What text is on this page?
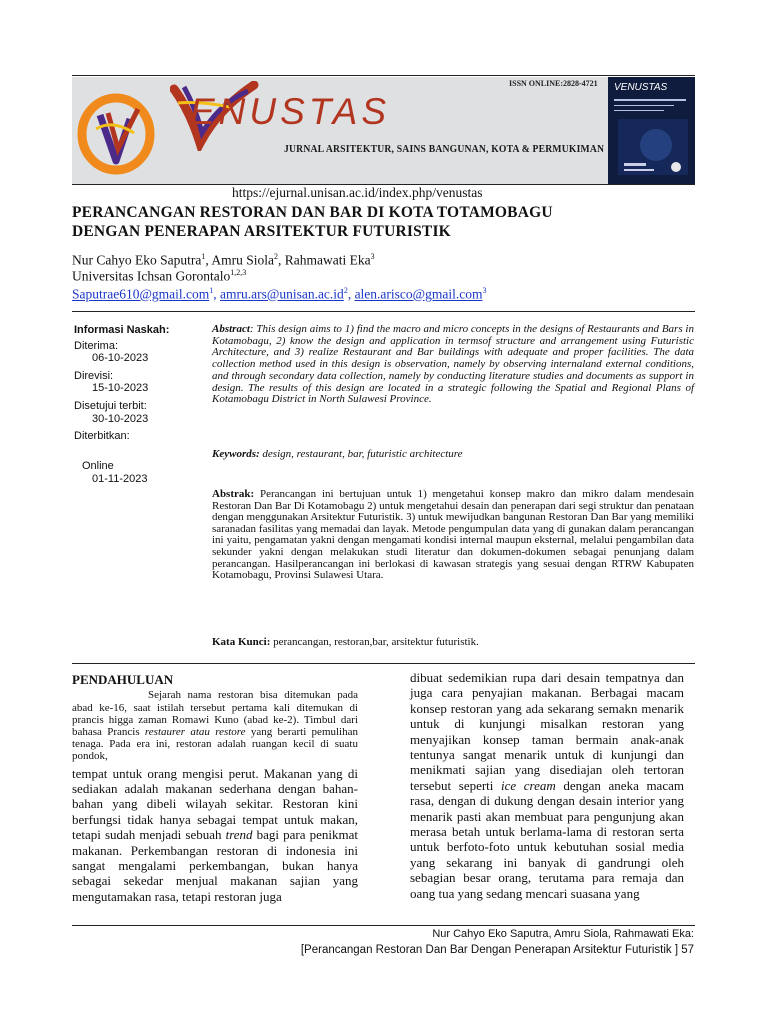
ENUSTAS
JURNAL ARSITEKTUR, SAINS BANGUNAN, KOTA & PERMUKIMAN
ISSN ONLINE:2828-4721 VENUSTAS
https://ejurnal.unisan.ac.id/index.php/venustas
PERANCANGAN RESTORAN DAN BAR DI KOTA TOTAMOBAGU
DENGAN PENERAPAN ARSITEKTUR FUTURISTIK
Nur Cahyo Eko Saputra$^1$, Amru Siola$^2$, Rahmawati Eka$^3$
Universitas Ichsan Gorontalo$^{1,2,3}$
Saputrae610@gmail.com$^1$, $amru.ars@unisan.ac.id^2$, alen.arisco@gmail.com$^3$
Informasi Naskah:
Diterima:
06-10-2023
Direvisi:
15-10-2023
Disetujui terbit:
30-10-2023
Diterbitkan:
Online
01-11-2023
Abstract: This design aims to 1) find the macro and micro concepts in the designs of Restaurants and Bars in Kotamobagu, 2) know the design and application in termsof structure and arrangement using Futuristic Architecture, and 3) realize Restaurant and Bar buildings with adequate and proper facilities. The data collection method used in this design is observation, namely by observing internaland external conditions, and through secondary data collection, namely by conducting literature studies and documents as support in design. The results of this design are located in a strategic following the Spatial and Regional Plans of Kotamobagu District in North Sulawesi Province.
Keywords: design, restaurant, bar, futuristic architecture
Abstrak: Perancangan ini bertujuan untuk 1) mengetahui konsep makro dan mikro dalam mendesain Restoran Dan Bar Di Kotamobagu 2) untuk mengetahui desain dan penerapan dari segi struktur dan penataan dengan menggunakan Arsitektur Futuristik. 3) untuk mewijudkan bangunan Restoran Dan Bar yang memiliki saranadan fasilitas yang memadai dan layak. Metode pengumpulan data yang di gunakan dalam perancangan ini yaitu, pengamatan yakni dengan mengamati kondisi internal maupun eksternal, melalui pengambilan data sekunder yakni dengan melakukan studi literatur dan dokumen-dokumen sebagai penunjang dalam perancangan. Hasilperancangan ini berlokasi di kawasan strategis yang sesuai dengan RTRW Kabupaten Kotamobagu, Provinsi Sulawesi Utara.
Kata Kunci: perancangan, restoran,bar, arsitektur futuristik.

PENDAHULUAN

Sejarah nama restoran bisa ditemukan pada abad ke-16, saat istilah tersebut pertama kali ditemukan di prancis higga zaman Romawi Kuno (abad ke-2). Timbul dari bahasa Prancis restaurer atau restore yang berarti pemulihan tenaga. Pada era ini, restoran adalah ruangan kecil di suatu pondok,

tempat untuk orang mengisi perut. Makanan yang di sediakan adalah makanan sederhana dengan bahan-bahan yang dibeli wilayah sekitar. Restoran kini berfungsi tidak hanya sebagai tempat untuk makan, tetapi sudah menjadi sebuah trend bagi para penikmat makanan. Perkembangan restoran di indonesia ini sangat mengalami perkembangan, bukan hanya sebagai sekedar menjual makanan sajian yang mengutamakan rasa, tetapi restoran juga

dibuat sedemikian rupa dari desain tempatnya dan juga cara penyajian makanan. Berbagai macam konsep restoran yang ada sekarang semakn menarik untuk di kunjungi misalkan restoran yang menyajikan konsep taman bermain anak-anak tentunya sangat menarik untuk di kunjungi dan menikmati sajian yang disediajan oleh tertoran tersebut seperti ice cream dengan aneka macam rasa, dengan di dukung dengan desain interior yang menarik pasti akan membuat para pengunjung akan merasa betah untuk berlama-lama di restoran serta untuk berfoto-foto untuk kebutuhan sosial media yang sekarang ini banyak di gandrungi oleh sebagian besar orang, terutama para remaja dan oang tua yang sedang mencari suasana yang

Nur Cahyo Eko Saputra, Amru Siola, Rahmawati Eka:
[Perancangan Restoran Dan Bar Dengan Penerapan Arsitektur Futuristik ] 57
